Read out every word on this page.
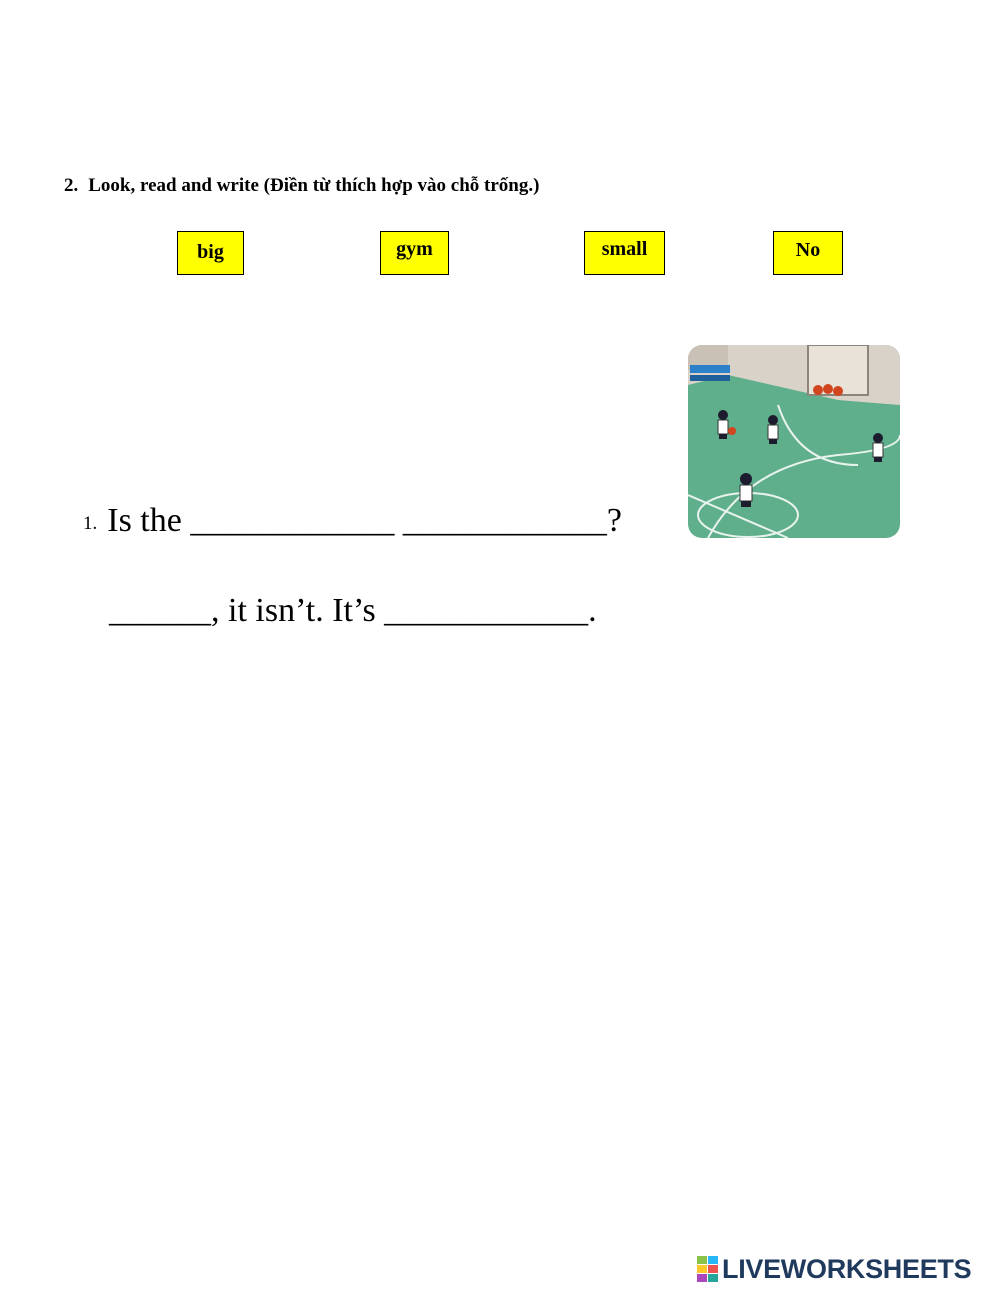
2. Look, read and write (Điền từ thích hợp vào chỗ trống.)
big	gym	small	No
1. Is the ____________ ____________?
______, it isn’t. It’s ____________.
LIVEWORKSHEETS
